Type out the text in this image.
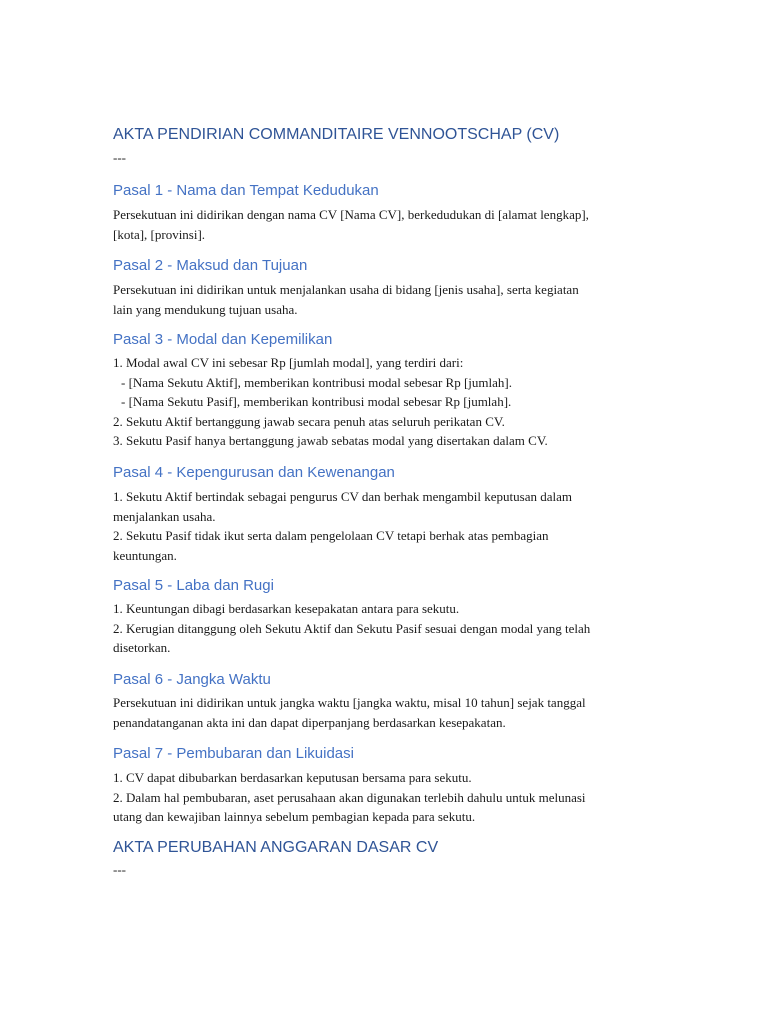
AKTA PENDIRIAN COMMANDITAIRE VENNOOTSCHAP (CV)
---
Pasal 1 - Nama dan Tempat Kedudukan
Persekutuan ini didirikan dengan nama CV [Nama CV], berkedudukan di [alamat lengkap],
[kota], [provinsi].
Pasal 2 - Maksud dan Tujuan
Persekutuan ini didirikan untuk menjalankan usaha di bidang [jenis usaha], serta kegiatan
lain yang mendukung tujuan usaha.
Pasal 3 - Modal dan Kepemilikan
1. Modal awal CV ini sebesar Rp [jumlah modal], yang terdiri dari:
- [Nama Sekutu Aktif], memberikan kontribusi modal sebesar Rp [jumlah].
- [Nama Sekutu Pasif], memberikan kontribusi modal sebesar Rp [jumlah].
2. Sekutu Aktif bertanggung jawab secara penuh atas seluruh perikatan CV.
3. Sekutu Pasif hanya bertanggung jawab sebatas modal yang disertakan dalam CV.
Pasal 4 - Kepengurusan dan Kewenangan
1. Sekutu Aktif bertindak sebagai pengurus CV dan berhak mengambil keputusan dalam
menjalankan usaha.
2. Sekutu Pasif tidak ikut serta dalam pengelolaan CV tetapi berhak atas pembagian
keuntungan.
Pasal 5 - Laba dan Rugi
1. Keuntungan dibagi berdasarkan kesepakatan antara para sekutu.
2. Kerugian ditanggung oleh Sekutu Aktif dan Sekutu Pasif sesuai dengan modal yang telah
disetorkan.
Pasal 6 - Jangka Waktu
Persekutuan ini didirikan untuk jangka waktu [jangka waktu, misal 10 tahun] sejak tanggal
penandatanganan akta ini dan dapat diperpanjang berdasarkan kesepakatan.
Pasal 7 - Pembubaran dan Likuidasi
1. CV dapat dibubarkan berdasarkan keputusan bersama para sekutu.
2. Dalam hal pembubaran, aset perusahaan akan digunakan terlebih dahulu untuk melunasi
utang dan kewajiban lainnya sebelum pembagian kepada para sekutu.
AKTA PERUBAHAN ANGGARAN DASAR CV
---
